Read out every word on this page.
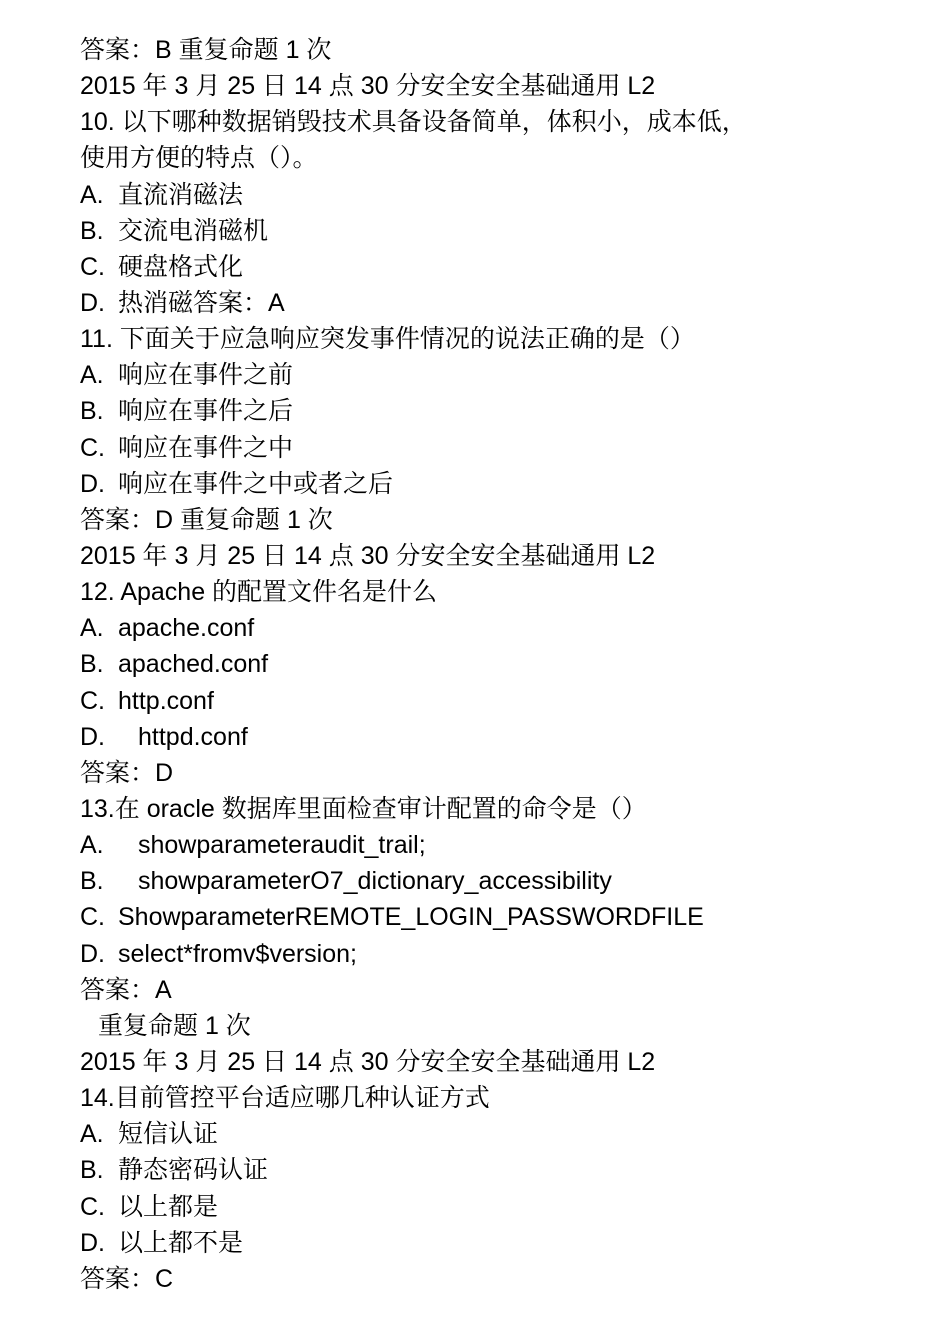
答案：B 重复命题 1 次
2015 年 3 月 25 日 14 点 30 分安全安全基础通用 L2
10. 以下哪种数据销毁技术具备设备简单，体积小，成本低，
使用方便的特点（）。
A. 直流消磁法
B. 交流电消磁机
C. 硬盘格式化
D. 热消磁答案：A
11. 下面关于应急响应突发事件情况的说法正确的是（）
A. 响应在事件之前
B. 响应在事件之后
C. 响应在事件之中
D. 响应在事件之中或者之后
答案：D 重复命题 1 次
2015 年 3 月 25 日 14 点 30 分安全安全基础通用 L2
12. Apache 的配置文件名是什么
A. apache.conf
B. apached.conf
C. http.conf
D. httpd.conf
答案：D
13.在 oracle 数据库里面检查审计配置的命令是（）
A. showparameteraudit_trail;
B. showparameterO7_dictionary_accessibility
C. ShowparameterREMOTE_LOGIN_PASSWORDFILE
D. select*fromv$version;
答案：A
重复命题 1 次
2015 年 3 月 25 日 14 点 30 分安全安全基础通用 L2
14.目前管控平台适应哪几种认证方式
A. 短信认证
B. 静态密码认证
C. 以上都是
D. 以上都不是
答案：C
